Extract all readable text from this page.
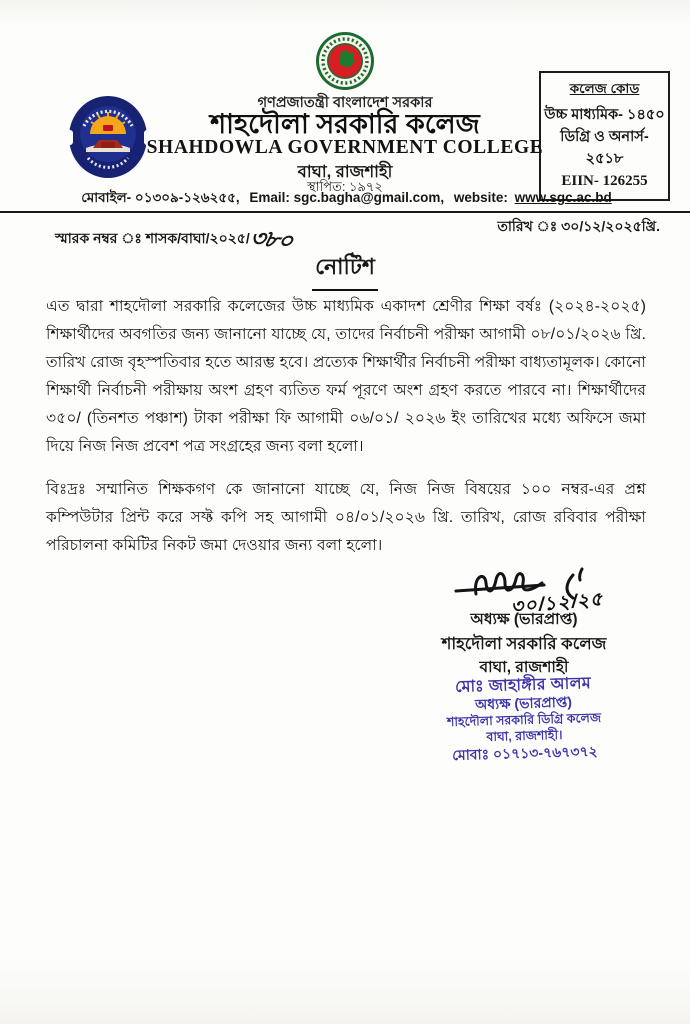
কলেজ কোড
উচ্চ মাধ্যমিক- ১৪৫০
ডিগ্রি ও অনার্স- ২৫১৮
EIIN- 126255
গণপ্রজাতন্ত্রী বাংলাদেশ সরকার
শাহদৌলা সরকারি কলেজ
SHAHDOWLA GOVERNMENT COLLEGE
বাঘা, রাজশাহী
স্থাপিত: ১৯৭২
মোবাইল- ০১৩০৯-১২৬২৫৫, Email: sgc.bagha@gmail.com, website: www.sgc.ac.bd
স্মারক নম্বর ঃ শাসক/বাঘা/২০২৫/৩৮০	তারিখ ঃ ৩০/১২/২০২৫খ্রি.
নোটিশ

এত দ্বারা শাহদৌলা সরকারি কলেজের উচ্চ মাধ্যমিক একাদশ শ্রেণীর শিক্ষা বর্ষঃ (২০২৪-২০২৫) শিক্ষার্থীদের অবগতির জন্য জানানো যাচ্ছে যে, তাদের নির্বাচনী পরীক্ষা আগামী ০৮/০১/২০২৬ খ্রি. তারিখ রোজ বৃহস্পতিবার হতে আরম্ভ হবে। প্রত্যেক শিক্ষার্থীর নির্বাচনী পরীক্ষা বাধ্যতামূলক। কোনো শিক্ষার্থী নির্বাচনী পরীক্ষায় অংশ গ্রহণ ব্যতিত ফর্ম পূরণে অংশ গ্রহণ করতে পারবে না। শিক্ষার্থীদের ৩৫০/ (তিনশত পঞ্চাশ) টাকা পরীক্ষা ফি আগামী ০৬/০১/ ২০২৬ ইং তারিখের মধ্যে অফিসে জমা দিয়ে নিজ নিজ প্রবেশ পত্র সংগ্রহের জন্য বলা হলো।

বিঃদ্রঃ সম্মানিত শিক্ষকগণ কে জানানো যাচ্ছে যে, নিজ নিজ বিষয়ের ১০০ নম্বর-এর প্রশ্ন কম্পিউটার প্রিন্ট করে সফ্ট কপি সহ আগামী ০৪/০১/২০২৬ খ্রি. তারিখ, রোজ রবিবার পরীক্ষা পরিচালনা কমিটির নিকট জমা দেওয়ার জন্য বলা হলো।

৩০/১২/২৫
অধ্যক্ষ (ভারপ্রাপ্ত)
শাহদৌলা সরকারি কলেজ
বাঘা, রাজশাহী
মোঃ জাহাঙ্গীর আলম
অধ্যক্ষ (ভারপ্রাপ্ত)
শাহদৌলা সরকারি ডিগ্রি কলেজ
বাঘা, রাজশাহী।
মোবাঃ ০১৭১৩-৭৬৭৩৭২
